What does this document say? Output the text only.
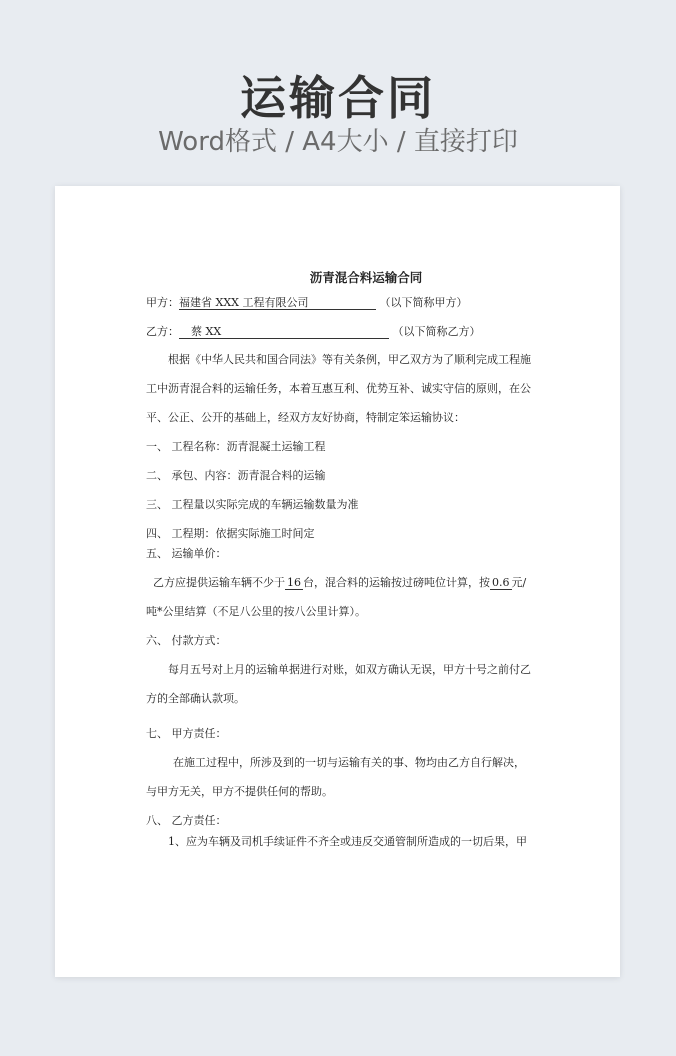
运输合同
Word格式 / A4大小 / 直接打印
沥青混合料运输合同
甲方：福建省 XXX 工程有限公司	（以下简称甲方）
乙方： 蔡 XX	（以下简称乙方）
根据《中华人民共和国合同法》等有关条例，甲乙双方为了顺利完成工程施
工中沥青混合料的运输任务，本着互惠互利、优势互补、诚实守信的原则，在公
平、公正、公开的基础上，经双方友好协商，特制定笨运输协议：
一、 工程名称：沥青混凝土运输工程
二、 承包、内容：沥青混合料的运输
三、 工程量以实际完成的车辆运输数量为准
四、 工程期：依据实际施工时间定
五、 运输单价：
乙方应提供运输车辆不少于 16 台，混合料的运输按过磅吨位计算，按 0.6 元/
吨*公里结算（不足八公里的按八公里计算）。
六、 付款方式：
每月五号对上月的运输单据进行对账，如双方确认无误，甲方十号之前付乙
方的全部确认款项。
七、 甲方责任：
在施工过程中，所涉及到的一切与运输有关的事、物均由乙方自行解决，
与甲方无关，甲方不提供任何的帮助。
八、 乙方责任：
1、应为车辆及司机手续证件不齐全或违反交通管制所造成的一切后果，甲
